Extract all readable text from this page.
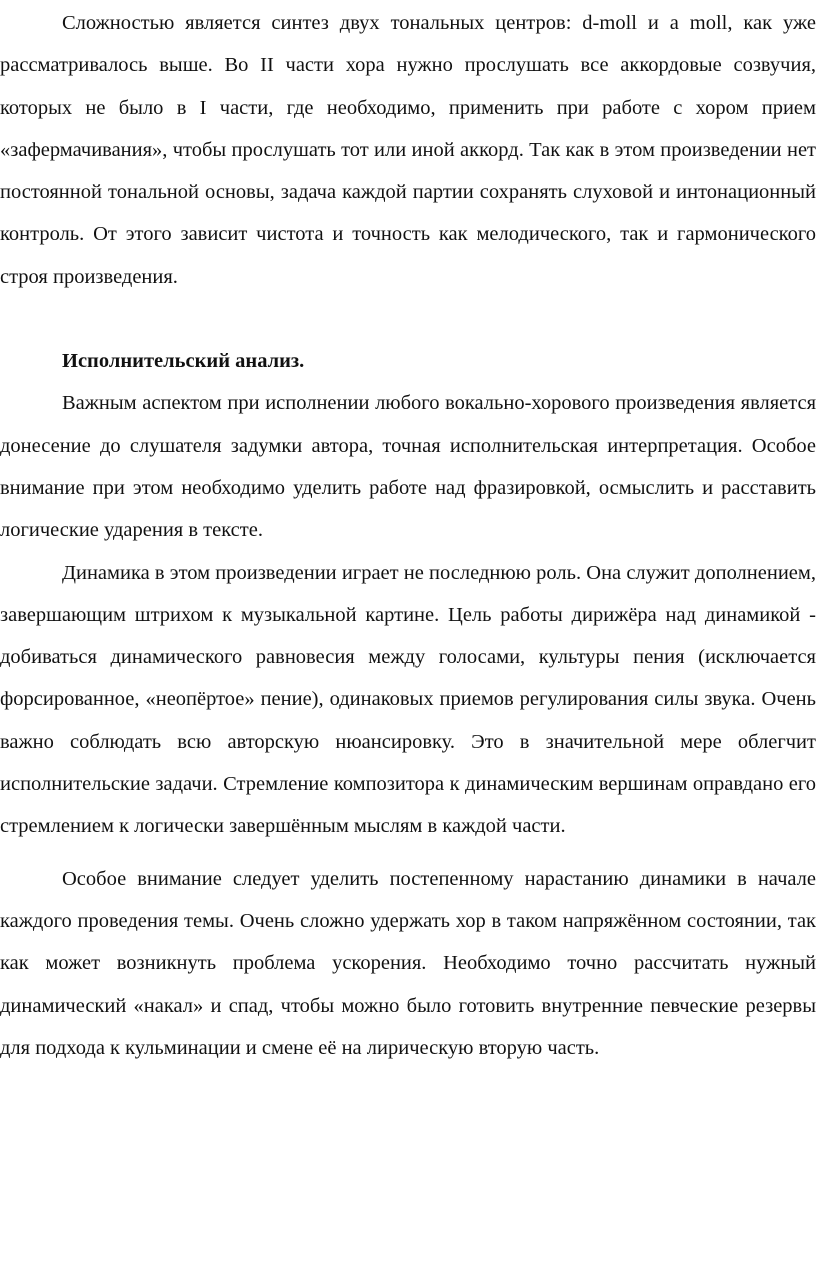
Сложностью является синтез двух тональных центров: d-moll и a moll, как уже рассматривалось выше. Во II части хора нужно прослушать все аккордовые созвучия, которых не было в I части, где необходимо, применить при работе с хором прием «зафермачивания», чтобы прослушать тот или иной аккорд. Так как в этом произведении нет постоянной тональной основы, задача каждой партии сохранять слуховой и интонационный контроль. От этого зависит чистота и точность как мелодического, так и гармонического строя произведения.

Исполнительский анализ.

Важным аспектом при исполнении любого вокально-хорового произведения является донесение до слушателя задумки автора, точная исполнительская интерпретация. Особое внимание при этом необходимо уделить работе над фразировкой, осмыслить и расставить логические ударения в тексте.

Динамика в этом произведении играет не последнюю роль. Она служит дополнением, завершающим штрихом к музыкальной картине. Цель работы дирижёра над динамикой - добиваться динамического равновесия между голосами, культуры пения (исключается форсированное, «неопёртое» пение), одинаковых приемов регулирования силы звука. Очень важно соблюдать всю авторскую нюансировку. Это в значительной мере облегчит исполнительские задачи. Стремление композитора к динамическим вершинам оправдано его стремлением к логически завершённым мыслям в каждой части.

Особое внимание следует уделить постепенному нарастанию динамики в начале каждого проведения темы. Очень сложно удержать хор в таком напряжённом состоянии, так как может возникнуть проблема ускорения. Необходимо точно рассчитать нужный динамический «накал» и спад, чтобы можно было готовить внутренние певческие резервы для подхода к кульминации и смене её на лирическую вторую часть.
